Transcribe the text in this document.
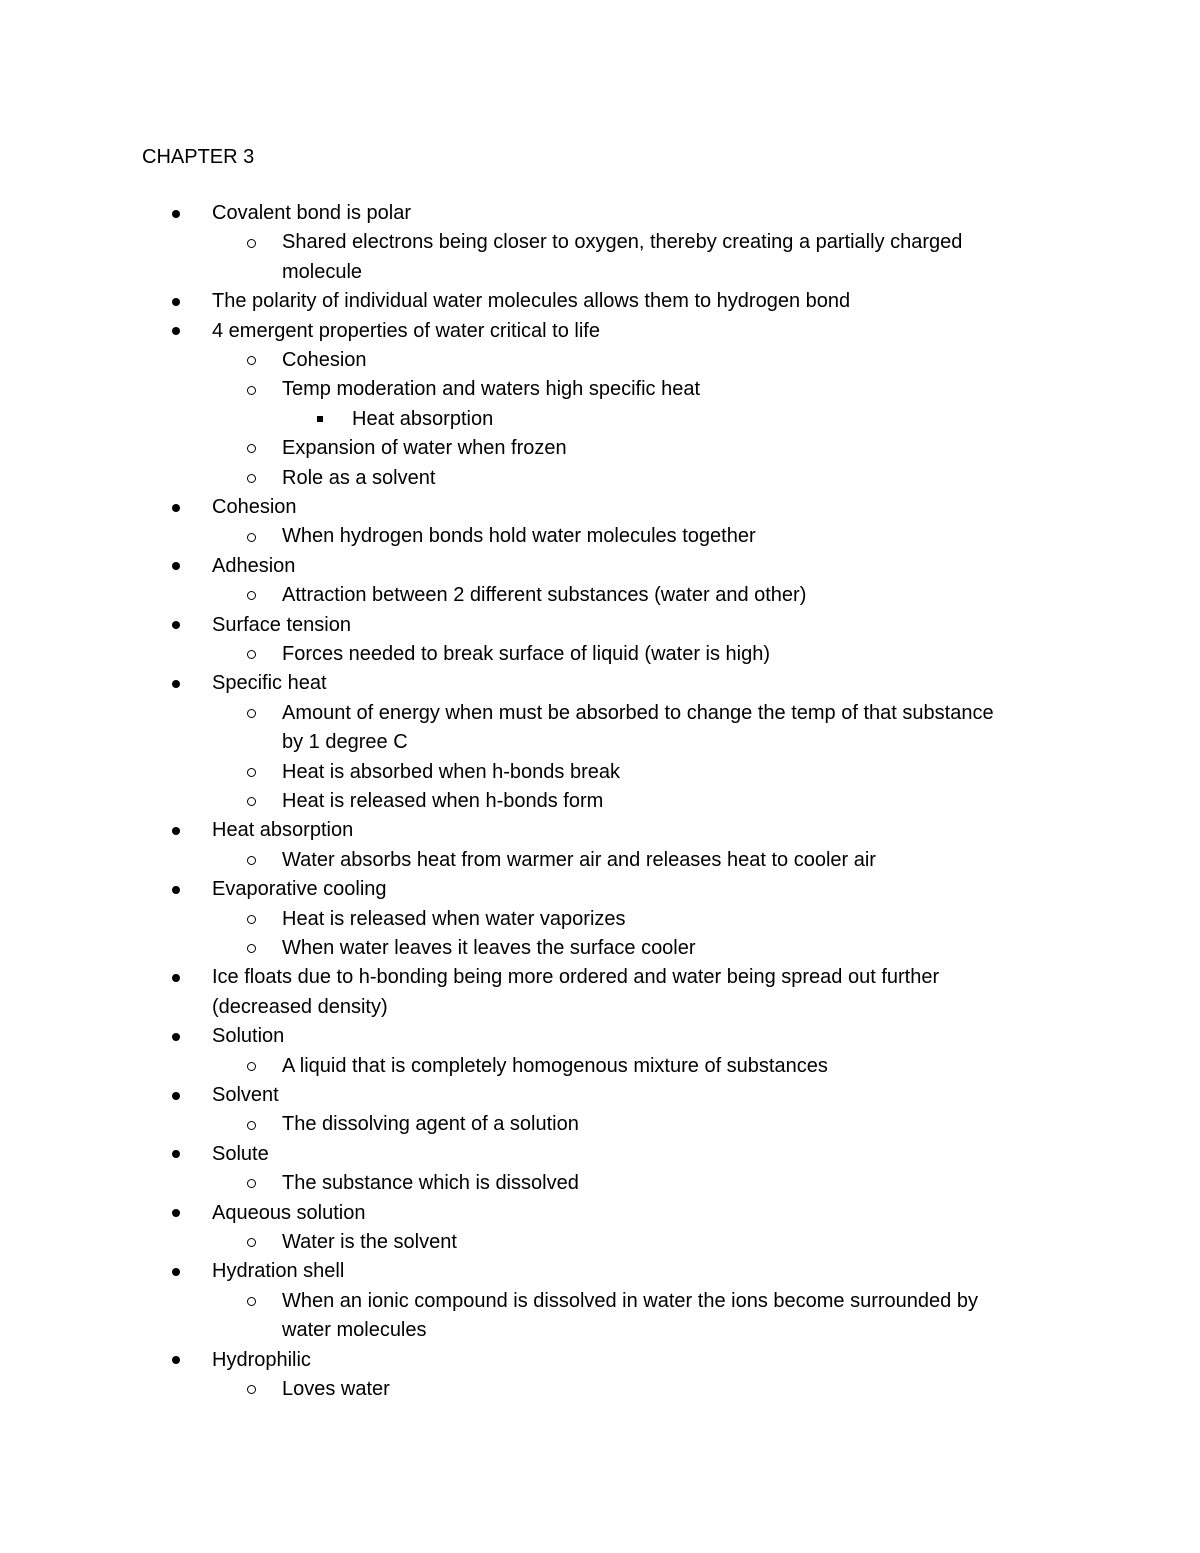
CHAPTER 3
Covalent bond is polar
Shared electrons being closer to oxygen, thereby creating a partially charged
molecule
The polarity of individual water molecules allows them to hydrogen bond
4 emergent properties of water critical to life
Cohesion
Temp moderation and waters high specific heat
Heat absorption
Expansion of water when frozen
Role as a solvent
Cohesion
When hydrogen bonds hold water molecules together
Adhesion
Attraction between 2 different substances (water and other)
Surface tension
Forces needed to break surface of liquid (water is high)
Specific heat
Amount of energy when must be absorbed to change the temp of that substance
by 1 degree C
Heat is absorbed when h-bonds break
Heat is released when h-bonds form
Heat absorption
Water absorbs heat from warmer air and releases heat to cooler air
Evaporative cooling
Heat is released when water vaporizes
When water leaves it leaves the surface cooler
Ice floats due to h-bonding being more ordered and water being spread out further
(decreased density)
Solution
A liquid that is completely homogenous mixture of substances
Solvent
The dissolving agent of a solution
Solute
The substance which is dissolved
Aqueous solution
Water is the solvent
Hydration shell
When an ionic compound is dissolved in water the ions become surrounded by
water molecules
Hydrophilic
Loves water
